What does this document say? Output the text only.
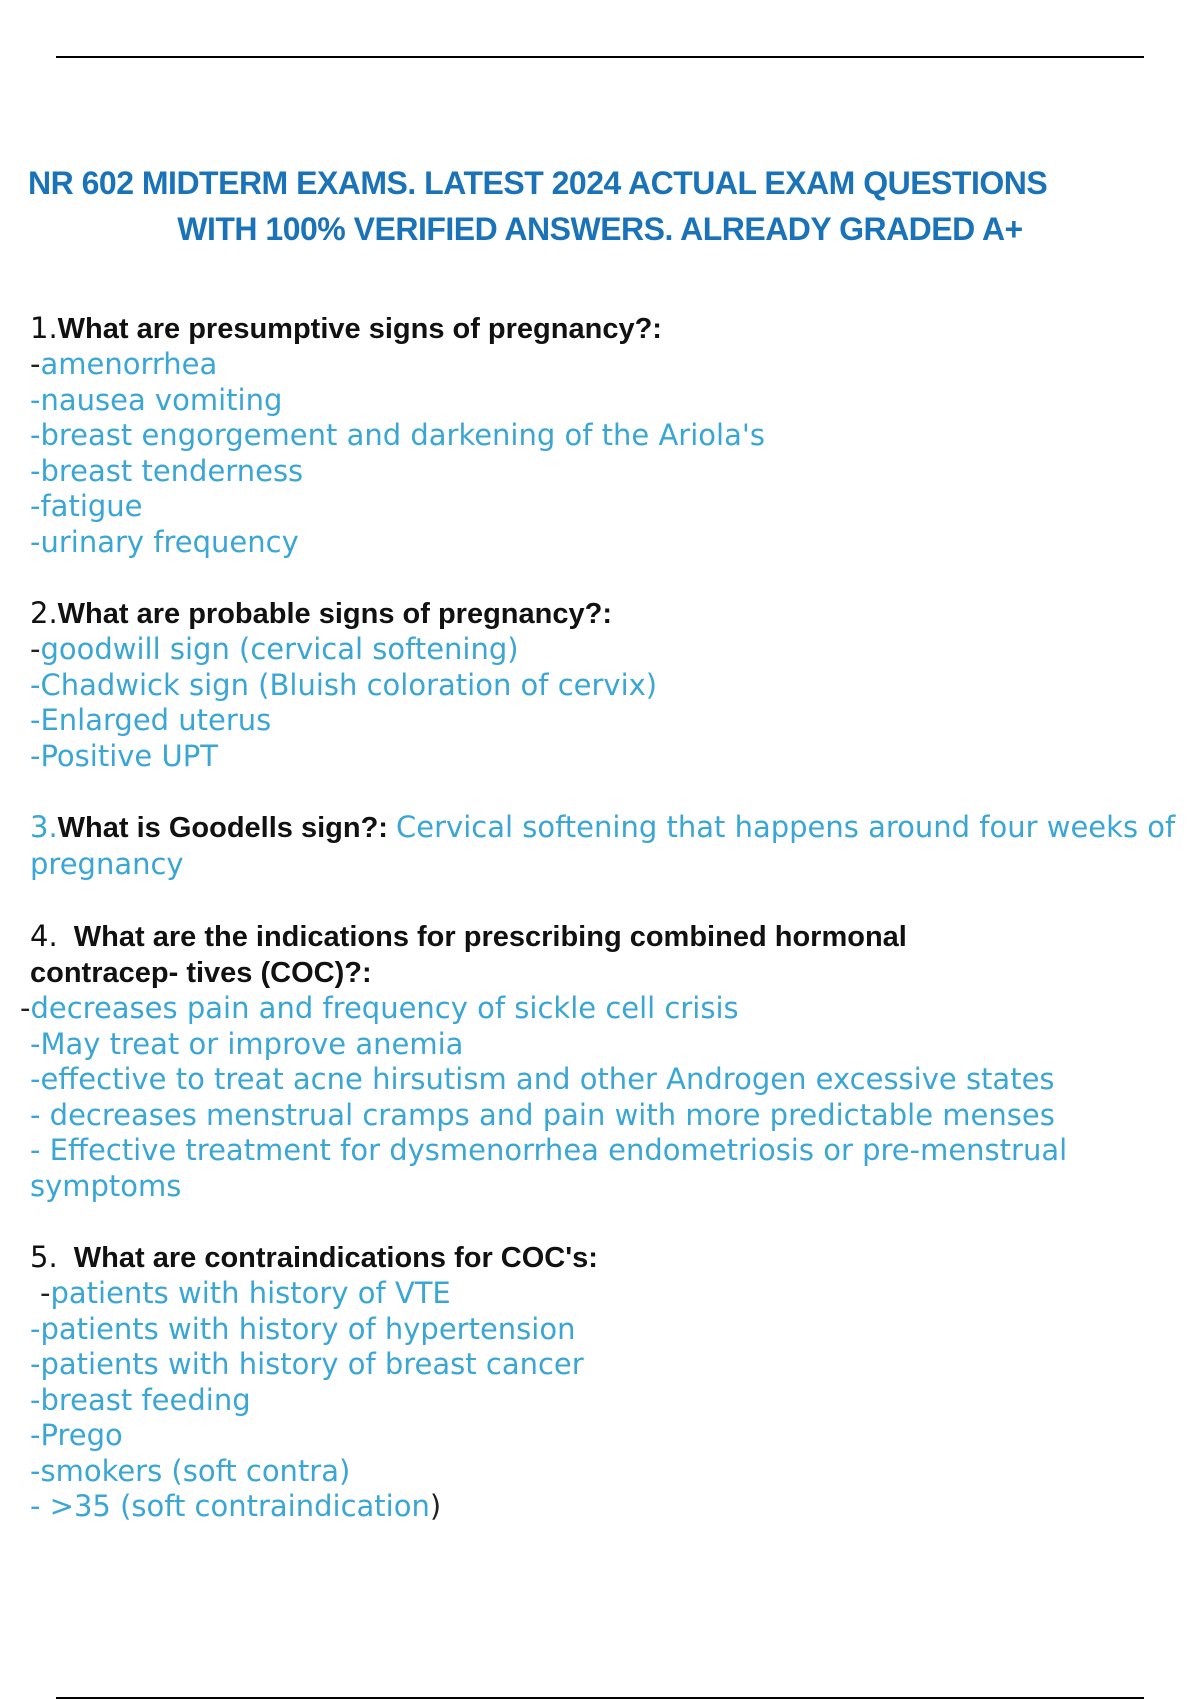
NR 602 MIDTERM EXAMS. LATEST 2024 ACTUAL EXAM QUESTIONS
WITH 100% VERIFIED ANSWERS. ALREADY GRADED A+
1.What are presumptive signs of pregnancy?:
-amenorrhea
-nausea vomiting
-breast engorgement and darkening of the Ariola's
-breast tenderness
-fatigue
-urinary frequency
2.What are probable signs of pregnancy?:
-goodwill sign (cervical softening)
-Chadwick sign (Bluish coloration of cervix)
-Enlarged uterus
-Positive UPT
3.What is Goodells sign?: Cervical softening that happens around four weeks of pregnancy
4. What are the indications for prescribing combined hormonal contracep- tives (COC)?:
-decreases pain and frequency of sickle cell crisis
-May treat or improve anemia
-effective to treat acne hirsutism and other Androgen excessive states
- decreases menstrual cramps and pain with more predictable menses
- Effective treatment for dysmenorrhea endometriosis or pre-menstrual symptoms
5. What are contraindications for COC's:
-patients with history of VTE
-patients with history of hypertension
-patients with history of breast cancer
-breast feeding
-Prego
-smokers (soft contra)
- >35 (soft contraindication)
